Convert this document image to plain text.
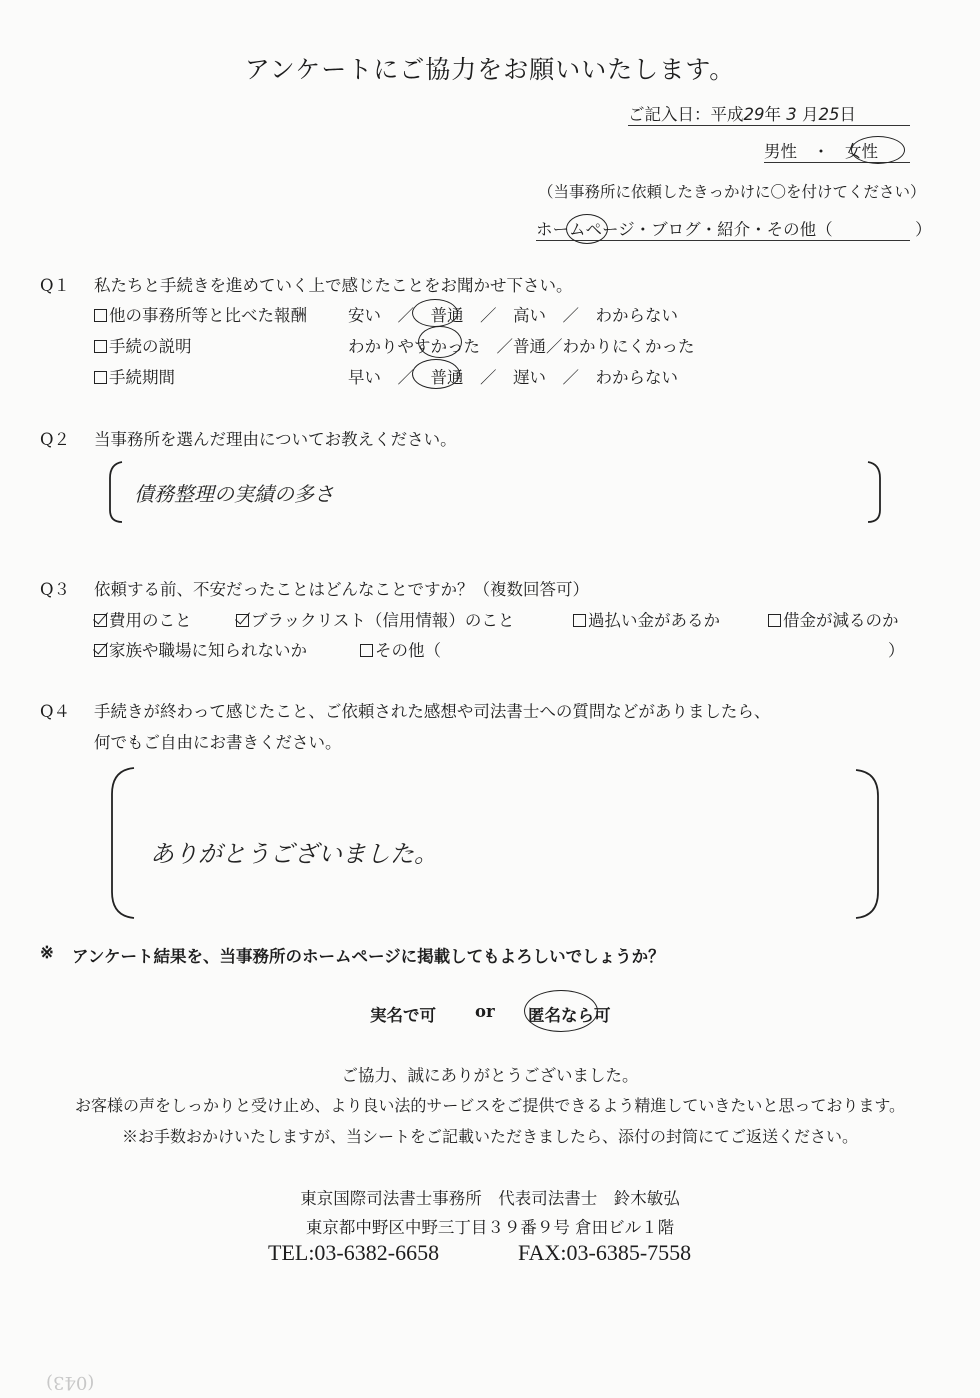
アンケートにご協力をお願いいたします。
ご記入日：平成29年 3 月25日
男性 ・ 女性
（当事務所に依頼したきっかけに〇を付けてください）
ホームページ・ブログ・紹介・その他（　　　　　）
Q１ 私たちと手続きを進めていく上で感じたことをお聞かせ下さい。
他の事務所等と比べた報酬 安い　／　普通　／　高い　／　わからない
手続の説明	わかりやすかった　／普通／わかりにくかった
手続期間	早い　／　普通　／　遅い　／　わからない
Q２ 当事務所を選んだ理由についてお教えください。
債務整理の実績の多さ
Q３ 依頼する前、不安だったことはどんなことですか？（複数回答可）
費用のこと	ブラックリスト（信用情報）のこと	過払い金があるか	借金が減るのか
家族や職場に知られないか	その他（	）
Q４ 手続きが終わって感じたこと、ご依頼された感想や司法書士への質問などがありましたら、
何でもご自由にお書きください。
ありがとうございました。
※ アンケート結果を、当事務所のホームページに掲載してもよろしいでしょうか？
実名で可 or 匿名なら可
ご協力、誠にありがとうございました。
お客様の声をしっかりと受け止め、より良い法的サービスをご提供できるよう精進していきたいと思っております。
※お手数おかけいたしますが、当シートをご記載いただきましたら、添付の封筒にてご返送ください。
東京国際司法書士事務所　代表司法書士　鈴木敏弘
東京都中野区中野三丁目３９番９号 倉田ビル１階
TEL:03-6382-6658	FAX:03-6385-7558
(043)
